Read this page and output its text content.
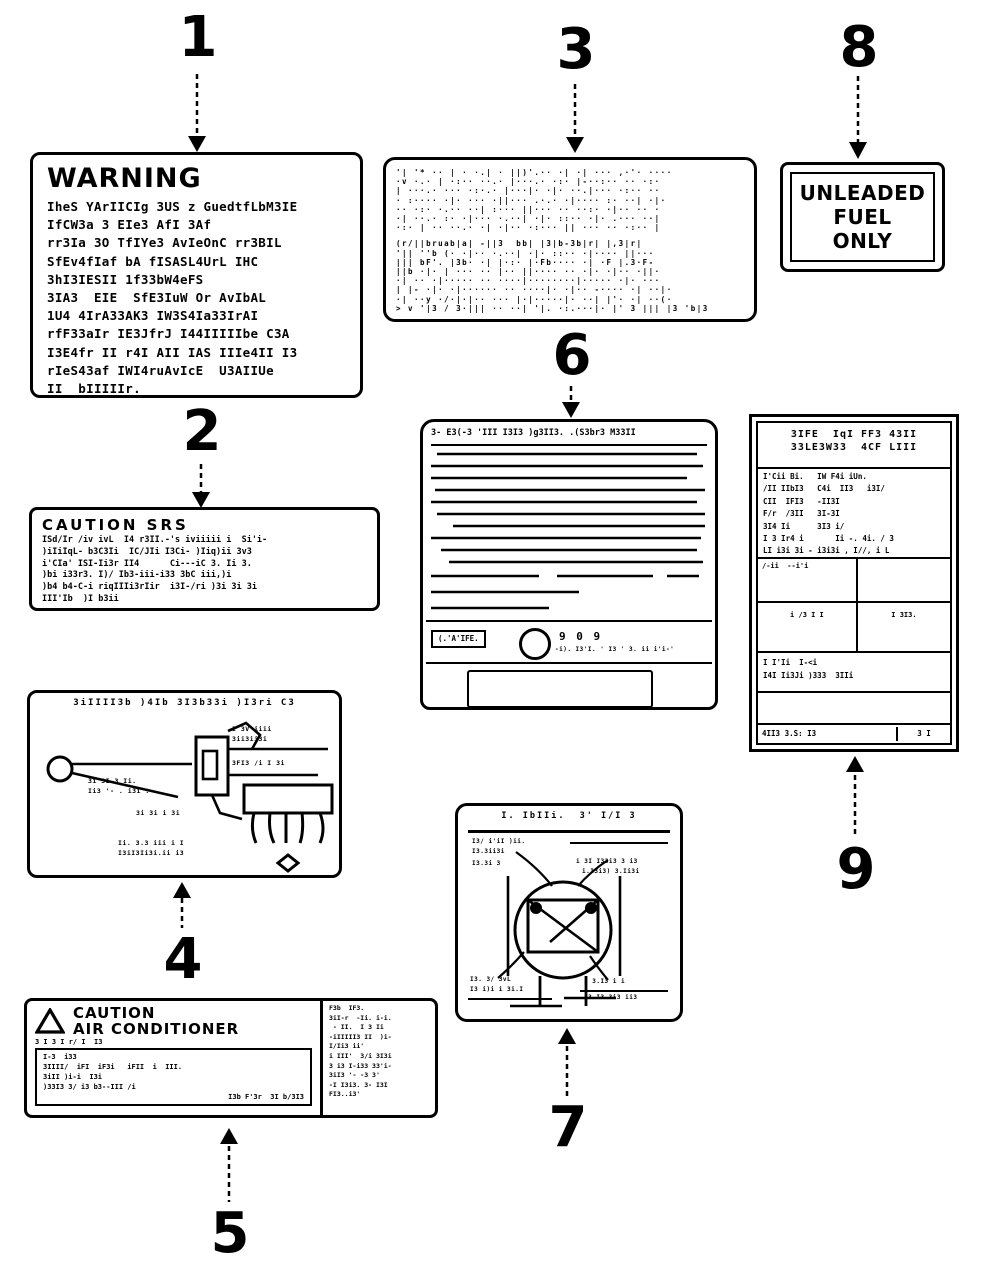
1
2
3
4
5
6
7
8
9
WARNING
IheS YArIICIg 3US z GuedtfLbM3IE
IfCW3a 3 EIe3 AfI 3Af
rr3Ia 3O TfIYe3 AvIeOnC rr3BIL
SfEv4fIaf bA fISASL4UrL IHC
3hI3IESII 1f33bW4eFS
3IA3  EIE  SfE3IuW Or AvIbAL
1U4 4IrA33AK3 IW3S4Ia33IrAI
rfF33aIr IE3JfrJ I44IIIIIbe C3A
I3E4fr II r4I AII IAS IIIe4II I3
rIeS43af IWI4ruAvIcE  U3AIIUe
II  bIIIIIr.
CAUTION SRS
ISd/Ir /iv ivL  I4 r3II.-'s iviiiii i  Si'i-
)iIiIqL- b3C3Ii  IC/JIi I3Ci- )Iiq)ii 3v3
i'CIa' ISI-Ii3r II4      Ci---iC 3. Ii 3.
)bi i33r3. I)/ Ib3-iii-i33 3bC iii,)i
)b4 b4-C-i riqIIIi3rIir  i3I-/ri )3i 3i 3i
III'Ib  )I b3ii
'| '* ·· | · ·.| · ||)'.·· ·| ·| ··· ,·'· ····
·v ·.· | ·:·· ··.· |···.· ·:· |-··:·· ·· ·:·
| ···.· ··· ·:·.· |···|· ·|· ··.|··· ·:·· ··
· :···· ·|· ··· ·||··· .·.· ·|···· :· ··| ·|·
·· ·:· ·.·· ··| :··· ||··· ·· ··:· ·|·· ·· ·
·| ··.· :· ·|··· ·.··| ·|· ::·· ·|· .··· ··|
·:· | ·· ··.· ·| ·|·· ·:··· || ··· ·· ·:·· |
(r/||bruab|a| -||3  bb| |3|b-3b|r| |,3|r|
'|| ''b (· ·|·· ·.··| ·|· ::·· ·|···· ||···
||| bF'. |3b· ·| |·:· |·Fb···· ·| ·F |.3·F-
||b ·|· | ··· ·· |·· ||···· ·· ·|· ·|·· ·||·
·| ·· ·|····· ·· ····|········|····· ·|· ···
| |- ·|· ·|······ ·· ····|· ·|·· -···· ·| ··|·
·| ··y ·/·|·|·· ··· |·|·····|· ··| |'· ·| ··(·
> v '|3 / 3·||| ·· ··| '|. ·:.···|· |' 3 ||| |3 'b|3
UNLEADED
FUEL
ONLY
3- E3(-3 'III I3I3 )g3II3. .(S3br3 M33II
(.'A'IFE.	9 0 9
-i). I3'I. ' I3 ' 3. ii i'i-'
3IFE  IqI FF3 43II
33LE3W33  4CF LIII
I'Cii Bi.   IW F4i iUn.
/II IIbI3   C4i  II3   i3I/
CII  IFI3   -II3I
F/r  /3II   3I-3I
3I4 Ii      3I3 i/
I 3 Ir4 i       Ii -. 4i. / 3
LI i3i 3i - i3i3i , I//, i L
/-ii  --i'i
i /3 I I	I 3I3.
I I'Ii  I-<i
I4I Ii3Ji )333  3IIi
4II3 3.S: I3	3 I
3iIIII3b )4Ib 3I3b33i )I3ri C3
3i 3I 3 Ii.
Ii3 '- . i3i .
I 3V iiii
3ii3ii3i
3FI3 /i I 3i
3i 3i i 3i
Ii. 3.3 iii i I
I3iI3Ii3i.ii i3
I. IbIIi.  3' I/I 3
I3/ i'iI )ii.
I3.3ii3i
I3.3i 3	i 3I I33i3 3 i3
i.I3i3) 3.Ii3i
I3. 3/ 3vL
I3 i)i i 3i.I
i 3.I3 i i
)3 I3 3i3 ii3
CAUTION
AIR CONDITIONER
3 I 3 I r/ I  I3
I-3  i33
3IIII/  iFI  iF3i   iFII  i  III.
3iII )i-i  I3i
)33I3 3/ i3 b3--III /i
I3b F'3r  3I b/3I3
F3b  IF3.
3iI-r  -Ii. i-i.
- II.  I 3 Ii
-iIIIII3 II  )i-
I/Ii3 ii'
i III'  3/i 3I3i
3 i3 I-i33 33'i-
3iI3 '- -3 3'
-I I3i3. 3- I3I
FI3..i3'
